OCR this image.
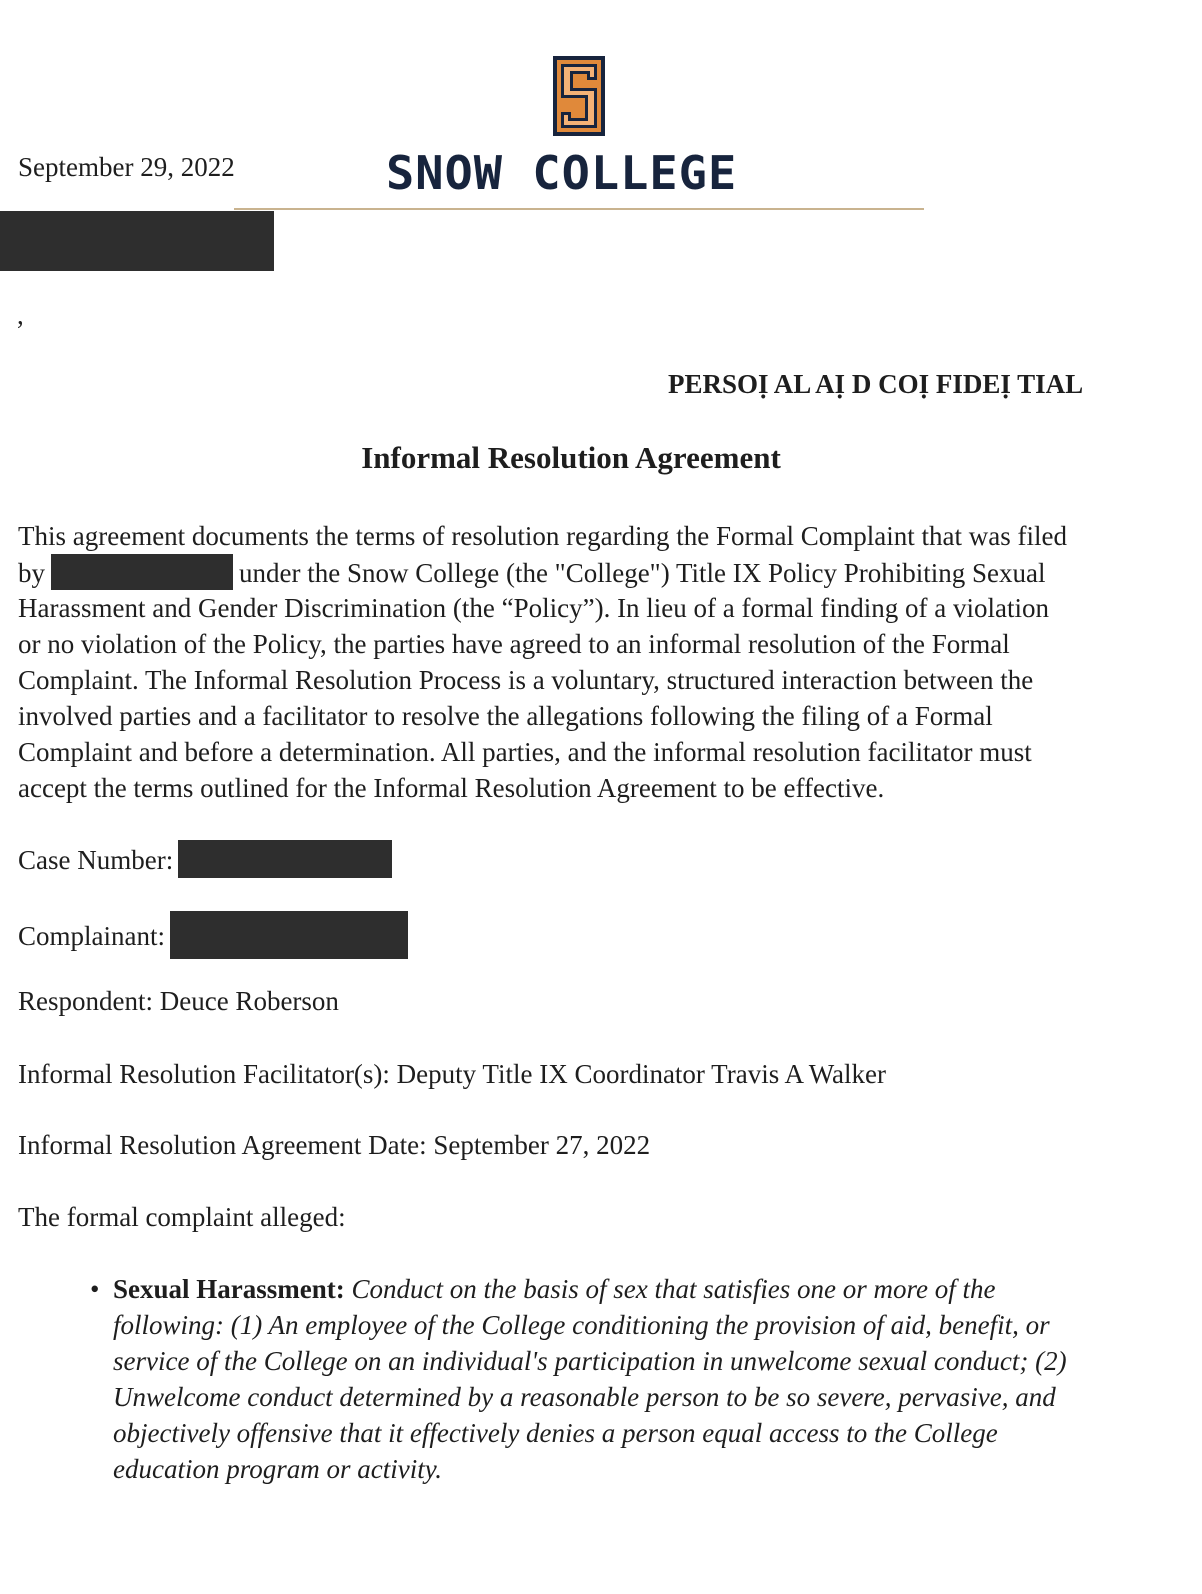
SNOW COLLEGE
September 29, 2022
,
PERSOỊ AL AỊ D COỊ FIDEỊ TIAL
Informal Resolution Agreement
This agreement documents the terms of resolution regarding the Formal Complaint that was filed
by	under the Snow College (the "College") Title IX Policy Prohibiting Sexual
Harassment and Gender Discrimination (the “Policy”). In lieu of a formal finding of a violation
or no violation of the Policy, the parties have agreed to an informal resolution of the Formal
Complaint. The Informal Resolution Process is a voluntary, structured interaction between the
involved parties and a facilitator to resolve the allegations following the filing of a Formal
Complaint and before a determination. All parties, and the informal resolution facilitator must
accept the terms outlined for the Informal Resolution Agreement to be effective.
Case Number:
Complainant:
Respondent: Deuce Roberson
Informal Resolution Facilitator(s): Deputy Title IX Coordinator Travis A Walker
Informal Resolution Agreement Date: September 27, 2022
The formal complaint alleged:
• Sexual Harassment: Conduct on the basis of sex that satisfies one or more of the
following: (1) An employee of the College conditioning the provision of aid, benefit, or
service of the College on an individual's participation in unwelcome sexual conduct; (2)
Unwelcome conduct determined by a reasonable person to be so severe, pervasive, and
objectively offensive that it effectively denies a person equal access to the College
education program or activity.
